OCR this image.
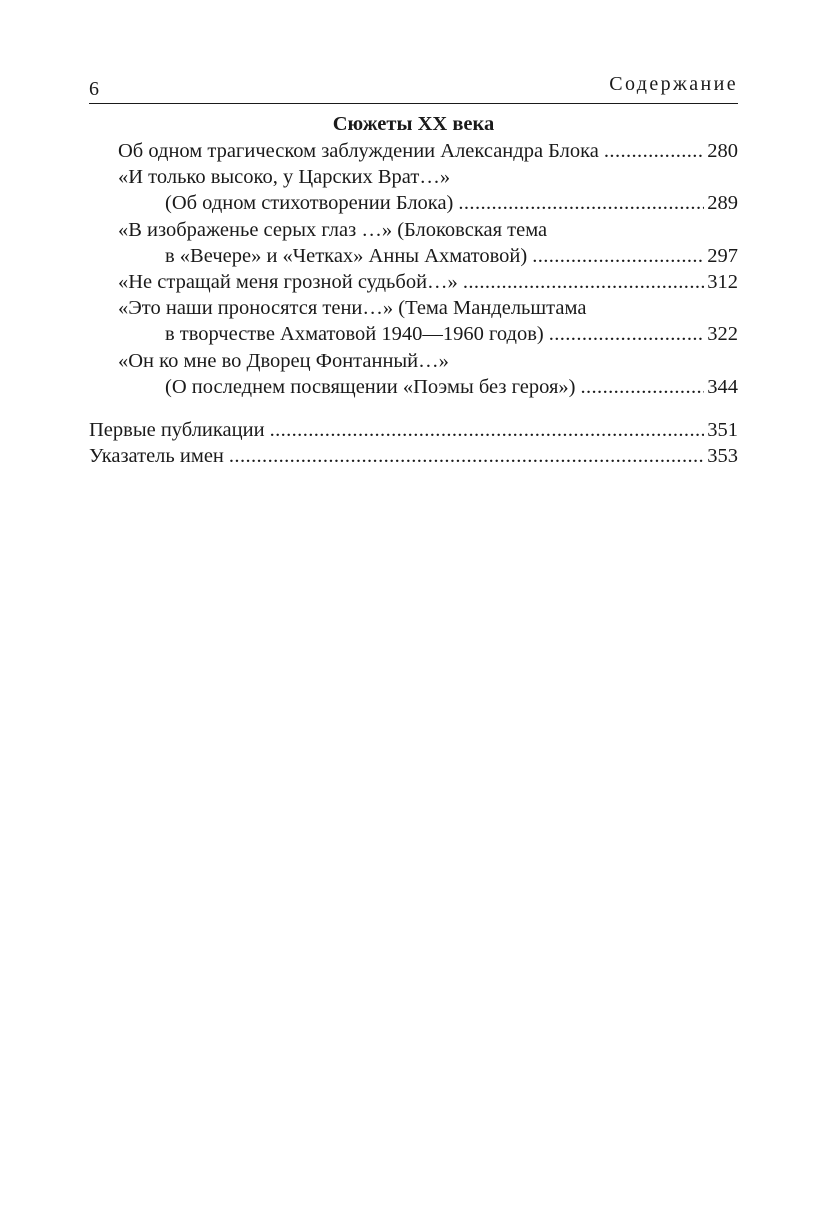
6	Содержание
Сюжеты XX века
Об одном трагическом заблуждении Александра Блока .....	280
«И только высоко, у Царских Врат…»
(Об одном стихотворении Блока) .....	289
«В изображенье серых глаз …» (Блоковская тема
в «Вечере» и «Четках» Анны Ахматовой) .....	297
«Не стращай меня грозной судьбой…» .....	312
«Это наши проносятся тени…» (Тема Мандельштама
в творчестве Ахматовой 1940—1960 годов) .....	322
«Он ко мне во Дворец Фонтанный…»
(О последнем посвящении «Поэмы без героя») .....	344
Первые публикации .....	351
Указатель имен .....	353
